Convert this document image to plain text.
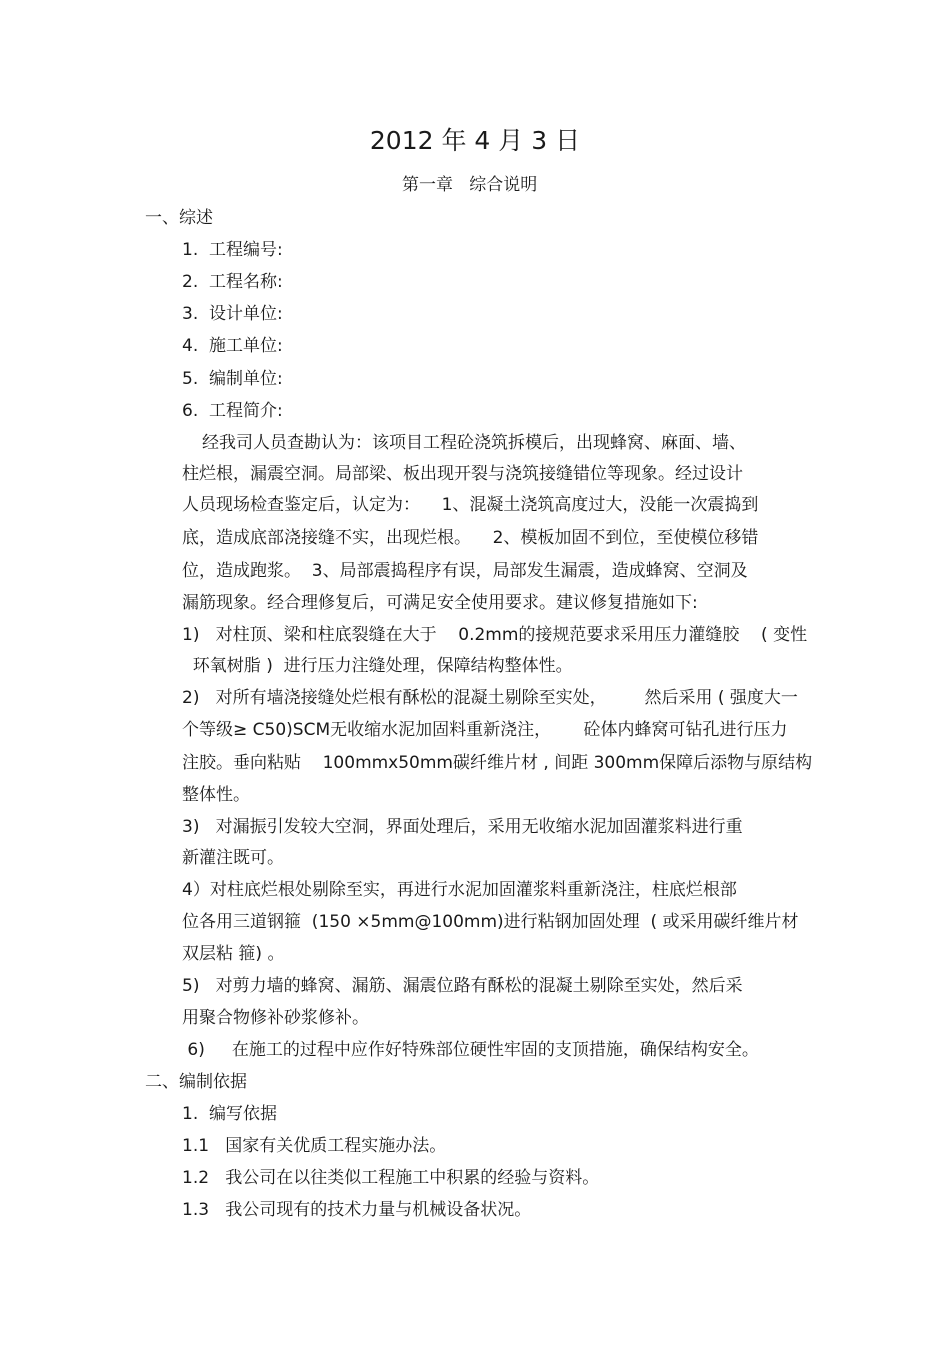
2012 年 4 月 3 日
第一章   综合说明
一、综述
1.  工程编号:
2.  工程名称:
3.  设计单位:
4.  施工单位:
5.  编制单位:
6.  工程简介:
经我司人员查勘认为：该项目工程砼浇筑拆模后，出现蜂窝、麻面、墙、
柱烂根，漏震空洞。局部梁、板出现开裂与浇筑接缝错位等现象。经过设计
人员现场检查鉴定后，认定为：    1、混凝土浇筑高度过大，没能一次震捣到
底，造成底部浇接缝不实，出现烂根。    2、模板加固不到位，至使模位移错
位，造成跑浆。  3、局部震捣程序有误，局部发生漏震，造成蜂窝、空洞及
漏筋现象。经合理修复后，可满足安全使用要求。建议修复措施如下:
1)   对柱顶、梁和柱底裂缝在大于    0.2mm的接规范要求采用压力灌缝胶    ( 变性
环氧树脂 )  进行压力注缝处理，保障结构整体性。
2)   对所有墙浇接缝处烂根有酥松的混凝土剔除至实处，       然后采用 ( 强度大一
个等级≥ C50)SCM无收缩水泥加固料重新浇注，      砼体内蜂窝可钻孔进行压力
注胶。垂向粘贴    100mmx50mm碳纤维片材 , 间距 300mm保障后添物与原结构
整体性。
3)   对漏振引发较大空洞，界面处理后，采用无收缩水泥加固灌浆料进行重
新灌注既可。
4）对柱底烂根处剔除至实，再进行水泥加固灌浆料重新浇注，柱底烂根部
位各用三道钢箍  (150 ×5mm@100mm)进行粘钢加固处理  ( 或采用碳纤维片材
双层粘 箍) 。
5)   对剪力墙的蜂窝、漏筋、漏震位路有酥松的混凝土剔除至实处，然后采
用聚合物修补砂浆修补。
6)     在施工的过程中应作好特殊部位硬性牢固的支顶措施，确保结构安全。
二、编制依据
1.  编写依据
1.1   国家有关优质工程实施办法。
1.2   我公司在以往类似工程施工中积累的经验与资料。
1.3   我公司现有的技术力量与机械设备状况。
